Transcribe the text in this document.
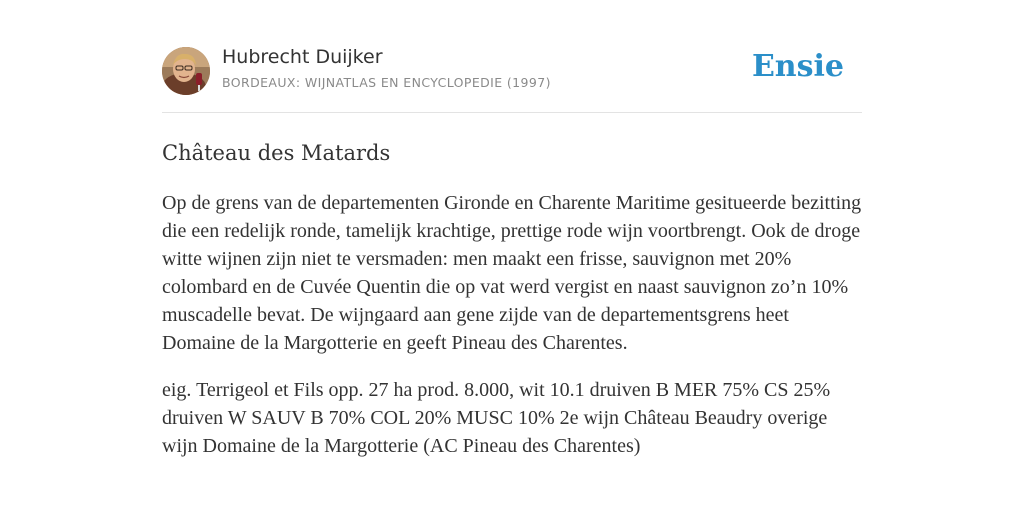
Hubrecht Duijker
BORDEAUX: WIJNATLAS EN ENCYCLOPEDIE (1997)	Ensie
Château des Matards

Op de grens van de departementen Gironde en Charente Maritime gesitueerde bezitting die een redelijk ronde, tamelijk krachtige, prettige rode wijn voortbrengt. Ook de droge witte wijnen zijn niet te versmaden: men maakt een frisse, sauvignon met 20% colombard en de Cuvée Quentin die op vat werd vergist en naast sauvignon zo’n 10% muscadelle bevat. De wijngaard aan gene zijde van de departementsgrens heet Domaine de la Margotterie en geeft Pineau des Charentes.

eig. Terrigeol et Fils opp. 27 ha prod. 8.000, wit 10.1 druiven B MER 75% CS 25% druiven W SAUV B 70% COL 20% MUSC 10% 2e wijn Château Beaudry overige wijn Domaine de la Margotterie (AC Pineau des Charentes)
